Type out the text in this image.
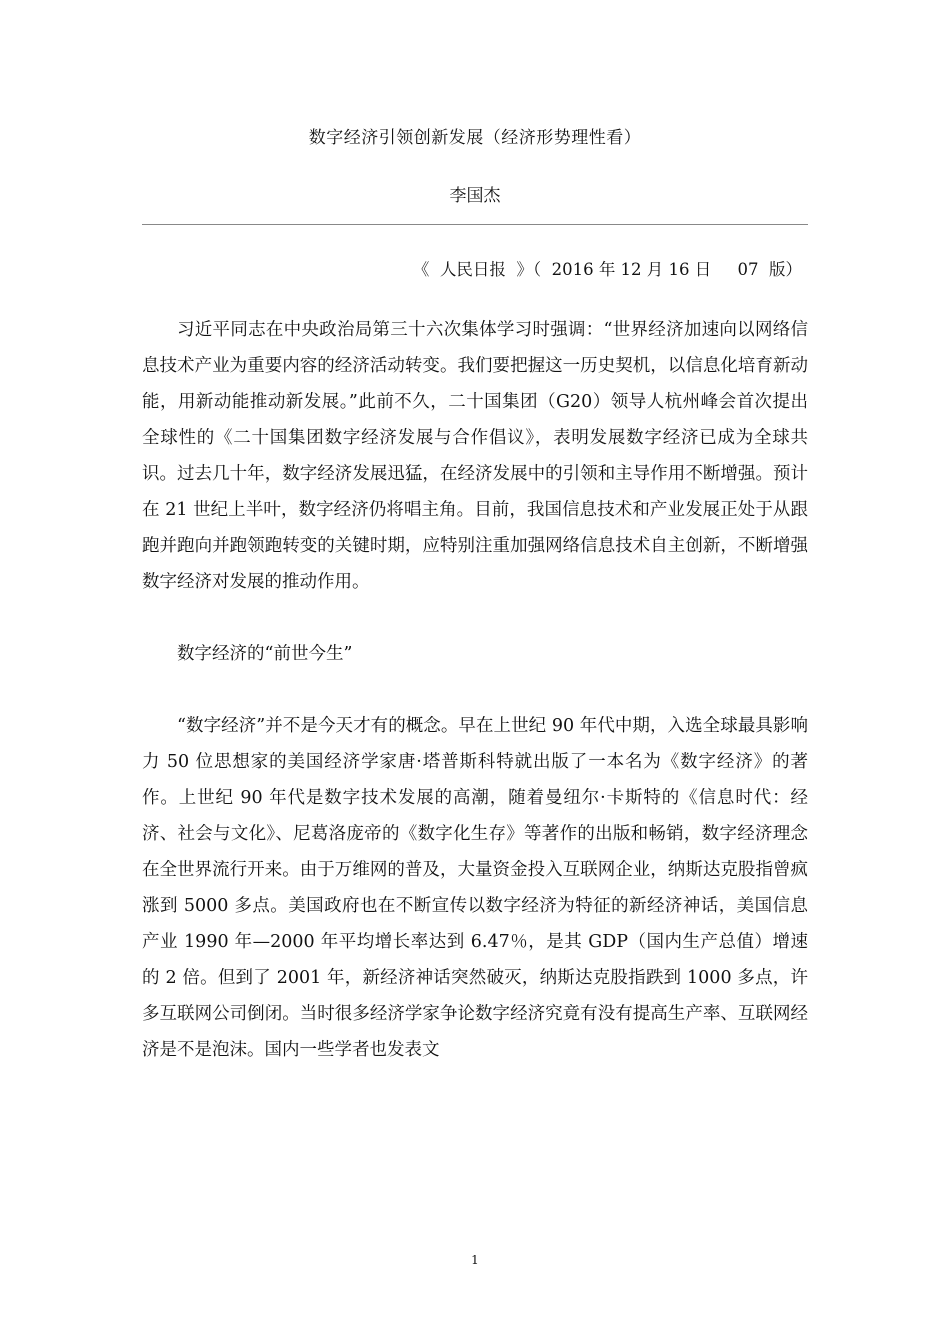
数字经济引领创新发展（经济形势理性看）
李国杰
《  人民日报  》（  2016 年 12 月 16 日     07  版）

习近平同志在中央政治局第三十六次集体学习时强调：“世界经济加速向以网络信息技术产业为重要内容的经济活动转变。我们要把握这一历史契机，以信息化培育新动能，用新动能推动新发展。”此前不久，二十国集团（G20）领导人杭州峰会首次提出全球性的《二十国集团数字经济发展与合作倡议》，表明发展数字经济已成为全球共识。过去几十年，数字经济发展迅猛，在经济发展中的引领和主导作用不断增强。预计在 21 世纪上半叶，数字经济仍将唱主角。目前，我国信息技术和产业发展正处于从跟跑并跑向并跑领跑转变的关键时期，应特别注重加强网络信息技术自主创新，不断增强数字经济对发展的推动作用。

数字经济的“前世今生”

“数字经济”并不是今天才有的概念。早在上世纪 90 年代中期，入选全球最具影响力 50 位思想家的美国经济学家唐·塔普斯科特就出版了一本名为《数字经济》的著作。上世纪 90 年代是数字技术发展的高潮，随着曼纽尔·卡斯特的《信息时代：经济、社会与文化》、尼葛洛庞帝的《数字化生存》等著作的出版和畅销，数字经济理念在全世界流行开来。由于万维网的普及，大量资金投入互联网企业，纳斯达克股指曾疯涨到 5000 多点。美国政府也在不断宣传以数字经济为特征的新经济神话，美国信息产业 1990 年—2000 年平均增长率达到 6.47％，是其 GDP（国内生产总值）增速的 2 倍。但到了 2001 年，新经济神话突然破灭，纳斯达克股指跌到 1000 多点，许多互联网公司倒闭。当时很多经济学家争论数字经济究竟有没有提高生产率、互联网经济是不是泡沫。国内一些学者也发表文

1
